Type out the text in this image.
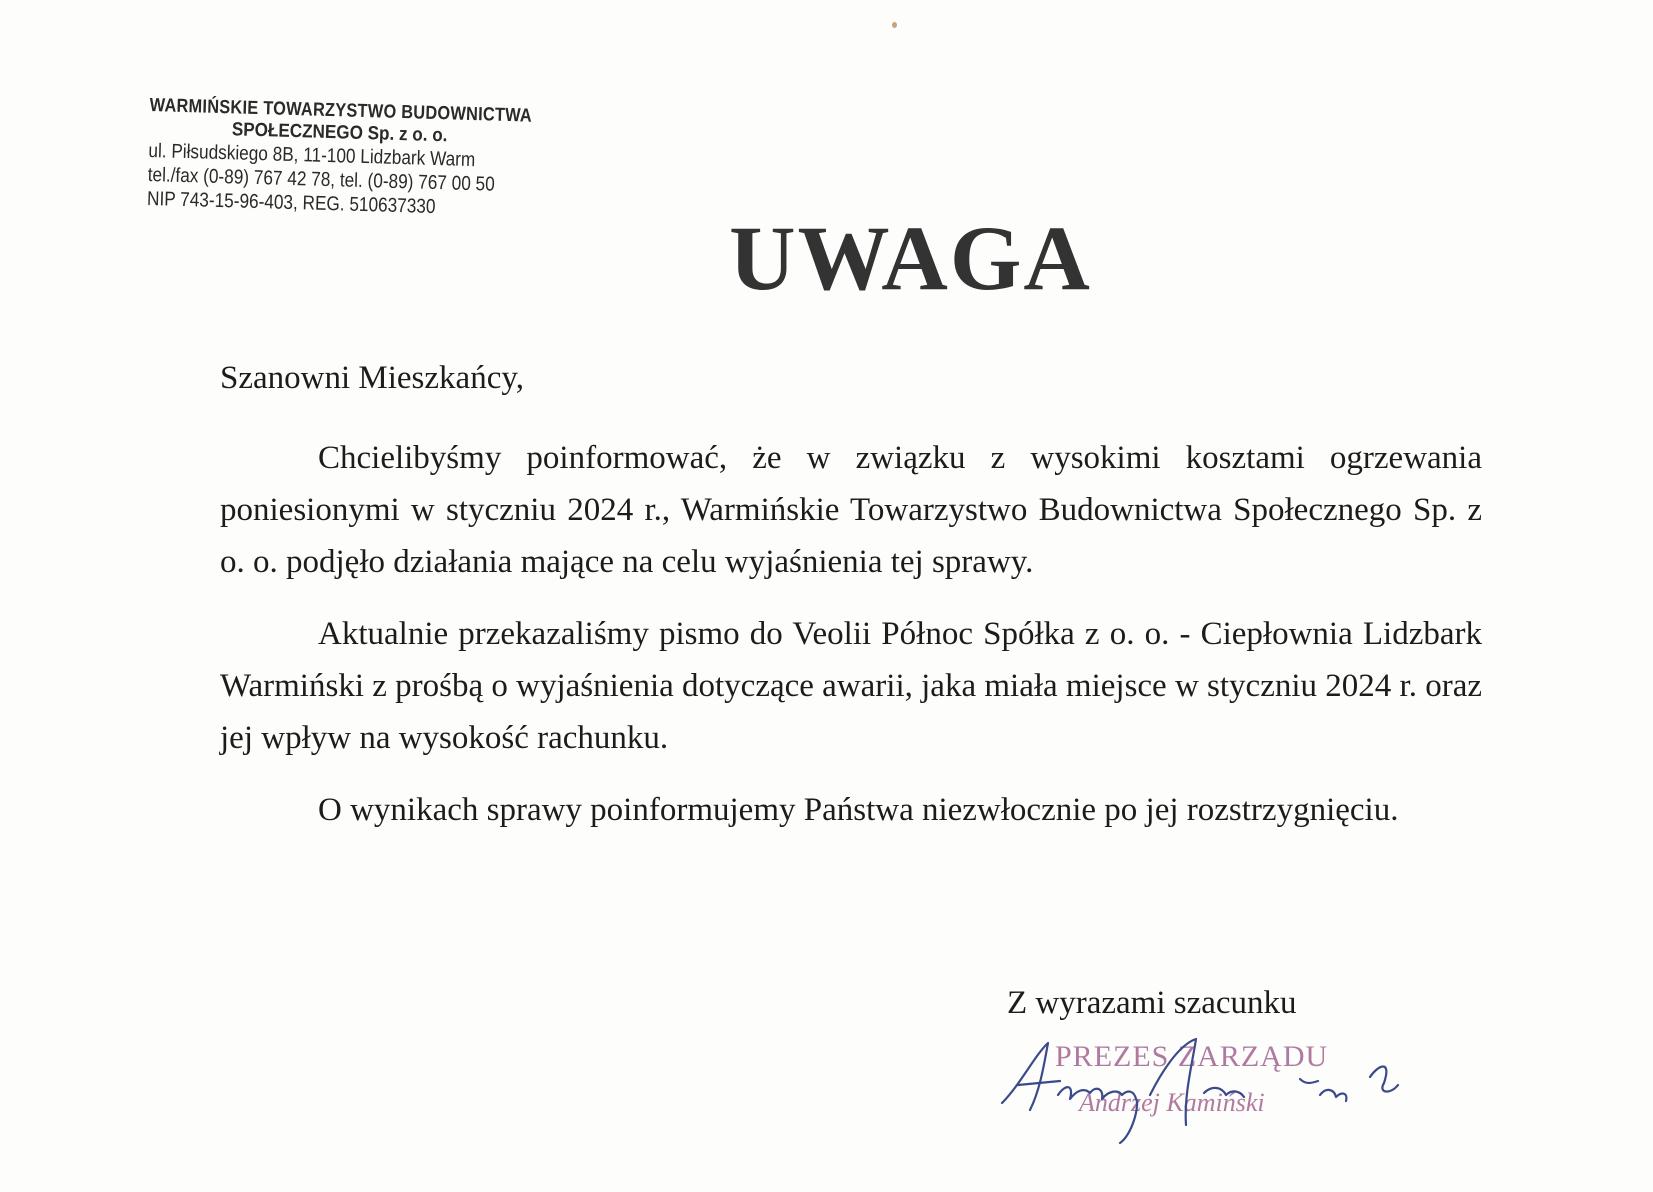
WARMIŃSKIE TOWARZYSTWO BUDOWNICTWA
SPOŁECZNEGO Sp. z o. o.
ul. Piłsudskiego 8B, 11-100 Lidzbark Warm
tel./fax (0-89) 767 42 78, tel. (0-89) 767 00 50
NIP 743-15-96-403, REG. 510637330
UWAGA
Szanowni Mieszkańcy,

Chcielibyśmy poinformować, że w związku z wysokimi kosztami ogrzewania poniesionymi w styczniu 2024 r., Warmińskie Towarzystwo Budownictwa Społecznego Sp. z o. o. podjęło działania mające na celu wyjaśnienia tej sprawy.

Aktualnie przekazaliśmy pismo do Veolii Północ Spółka z o. o. - Ciepłownia Lidzbark Warmiński z prośbą o wyjaśnienia dotyczące awarii, jaka miała miejsce w styczniu 2024 r. oraz jej wpływ na wysokość rachunku.

O wynikach sprawy poinformujemy Państwa niezwłocznie po jej rozstrzygnięciu.

Z wyrazami szacunku
PREZES ZARZĄDU
Andrzej Kamiński
